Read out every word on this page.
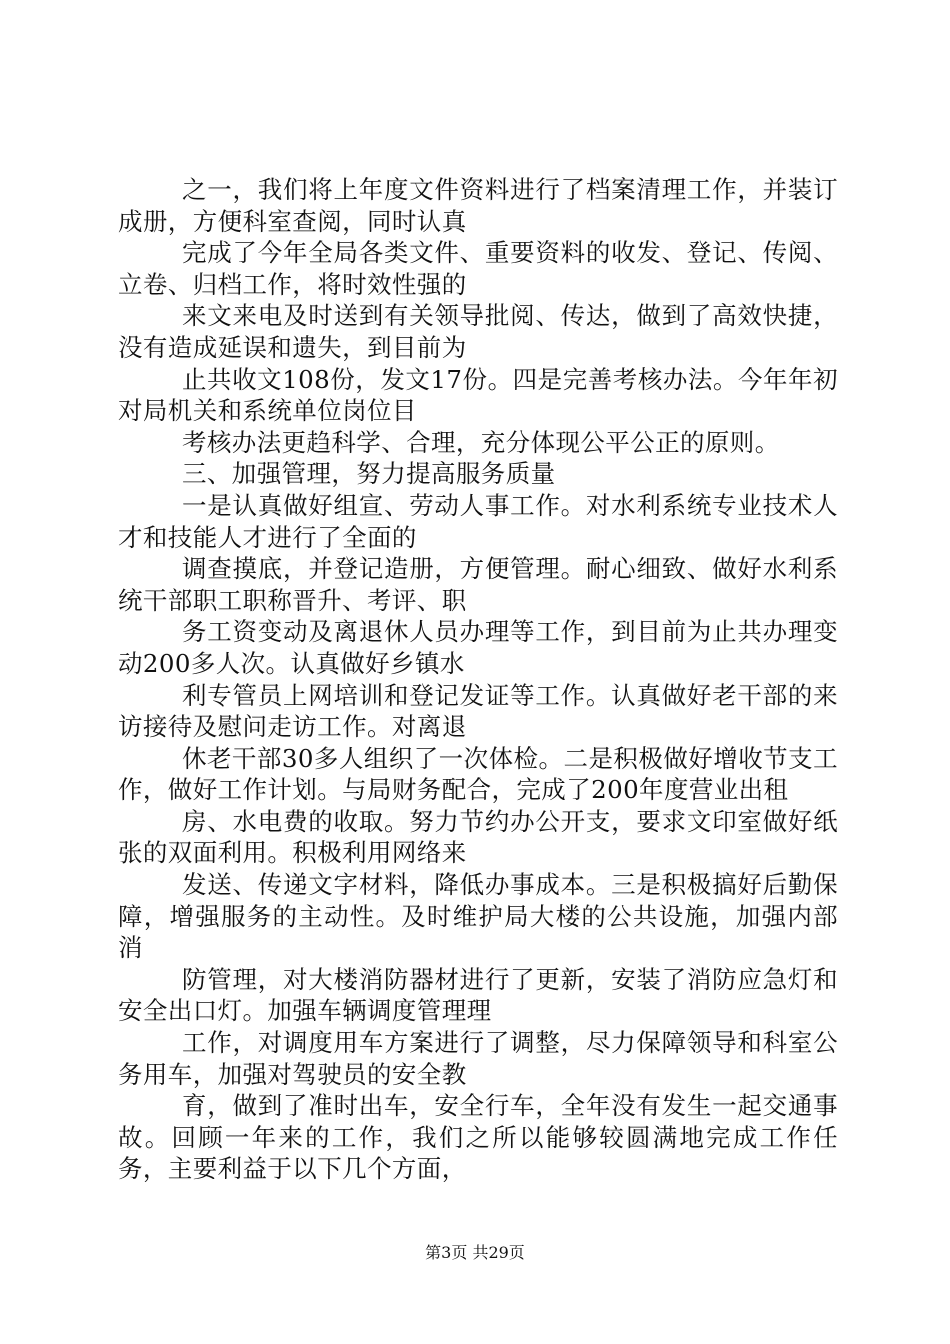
之一，我们将上年度文件资料进行了档案清理工作，并装订成册，方便科室查阅，同时认真

完成了今年全局各类文件、重要资料的收发、登记、传阅、立卷、归档工作，将时效性强的

来文来电及时送到有关领导批阅、传达，做到了高效快捷，没有造成延误和遗失，到目前为

止共收文108份，发文17份。四是完善考核办法。今年年初对局机关和系统单位岗位目

考核办法更趋科学、合理，充分体现公平公正的原则。

三、加强管理，努力提高服务质量

一是认真做好组宣、劳动人事工作。对水利系统专业技术人才和技能人才进行了全面的

调查摸底，并登记造册，方便管理。耐心细致、做好水利系统干部职工职称晋升、考评、职

务工资变动及离退休人员办理等工作，到目前为止共办理变动200多人次。认真做好乡镇水

利专管员上网培训和登记发证等工作。认真做好老干部的来访接待及慰问走访工作。对离退

休老干部30多人组织了一次体检。二是积极做好增收节支工作，做好工作计划。与局财务配合，完成了200年度营业出租

房、水电费的收取。努力节约办公开支，要求文印室做好纸张的双面利用。积极利用网络来

发送、传递文字材料，降低办事成本。三是积极搞好后勤保障，增强服务的主动性。及时维护局大楼的公共设施，加强内部消

防管理，对大楼消防器材进行了更新，安装了消防应急灯和安全出口灯。加强车辆调度管理理

工作，对调度用车方案进行了调整，尽力保障领导和科室公务用车，加强对驾驶员的安全教

育，做到了准时出车，安全行车，全年没有发生一起交通事故。回顾一年来的工作，我们之所以能够较圆满地完成工作任务，主要利益于以下几个方面，

第3页 共29页
